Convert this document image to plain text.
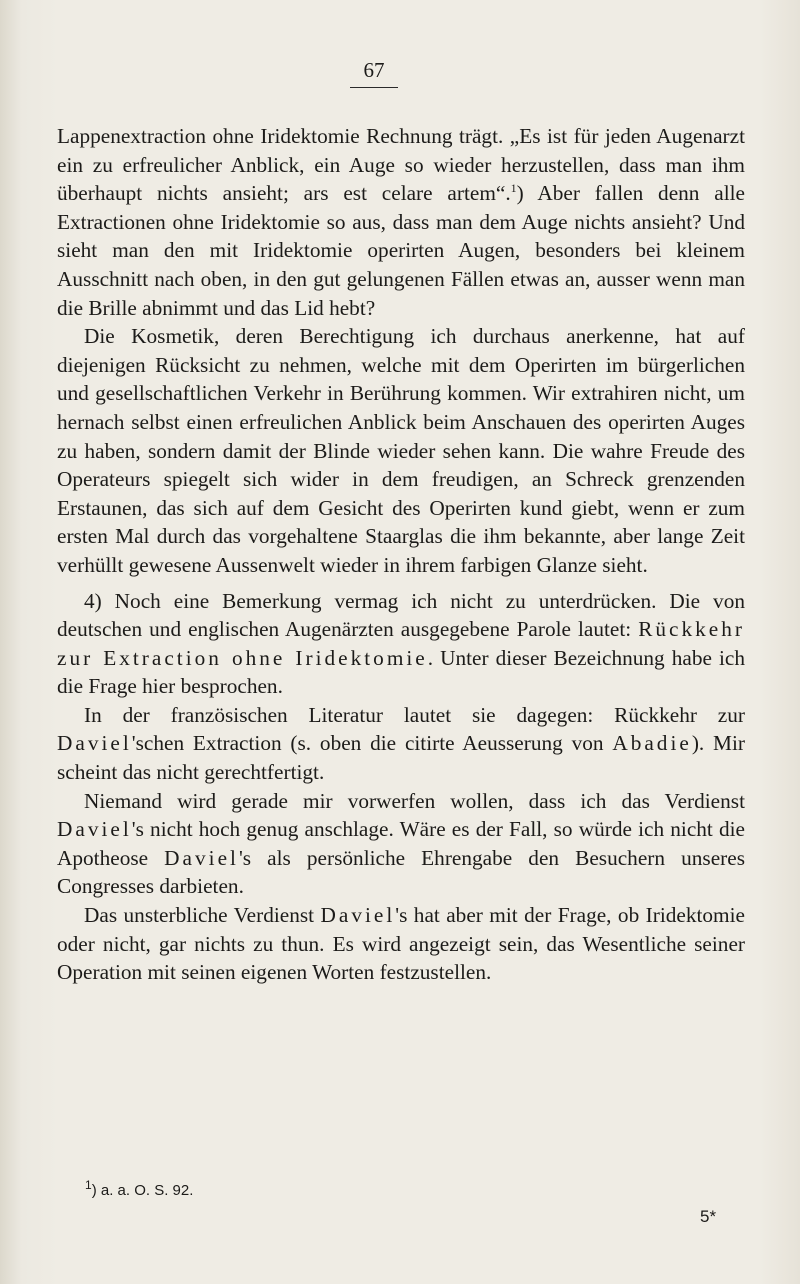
67

Lappenextraction ohne Iridektomie Rechnung trägt. „Es ist für jeden Augenarzt ein zu erfreulicher Anblick, ein Auge so wieder herzustellen, dass man ihm überhaupt nichts ansieht; ars est celare artem“.$^1$) Aber fallen denn alle Extractionen ohne Iridektomie so aus, dass man dem Auge nichts ansieht? Und sieht man den mit Iridektomie operirten Augen, besonders bei kleinem Ausschnitt nach oben, in den gut gelungenen Fällen etwas an, ausser wenn man die Brille abnimmt und das Lid hebt?

Die Kosmetik, deren Berechtigung ich durchaus anerkenne, hat auf diejenigen Rücksicht zu nehmen, welche mit dem Operirten im bürgerlichen und gesellschaftlichen Verkehr in Berührung kommen. Wir extrahiren nicht, um hernach selbst einen erfreulichen Anblick beim Anschauen des operirten Auges zu haben, sondern damit der Blinde wieder sehen kann. Die wahre Freude des Operateurs spiegelt sich wider in dem freudigen, an Schreck grenzenden Erstaunen, das sich auf dem Gesicht des Operirten kund giebt, wenn er zum ersten Mal durch das vorgehaltene Staarglas die ihm bekannte, aber lange Zeit verhüllt gewesene Aussenwelt wieder in ihrem farbigen Glanze sieht.

4) Noch eine Bemerkung vermag ich nicht zu unterdrücken. Die von deutschen und englischen Augenärzten ausgegebene Parole lautet: Rückkehr zur Extraction ohne Iridektomie. Unter dieser Bezeichnung habe ich die Frage hier besprochen.

In der französischen Literatur lautet sie dagegen: Rückkehr zur Daviel'schen Extraction (s. oben die citirte Aeusserung von Abadie). Mir scheint das nicht gerechtfertigt.

Niemand wird gerade mir vorwerfen wollen, dass ich das Verdienst Daviel's nicht hoch genug anschlage. Wäre es der Fall, so würde ich nicht die Apotheose Daviel's als persönliche Ehrengabe den Besuchern unseres Congresses darbieten.

Das unsterbliche Verdienst Daviel's hat aber mit der Frage, ob Iridektomie oder nicht, gar nichts zu thun. Es wird angezeigt sein, das Wesentliche seiner Operation mit seinen eigenen Worten festzustellen.

$^1$) a. a. O. S. 92.
5*
